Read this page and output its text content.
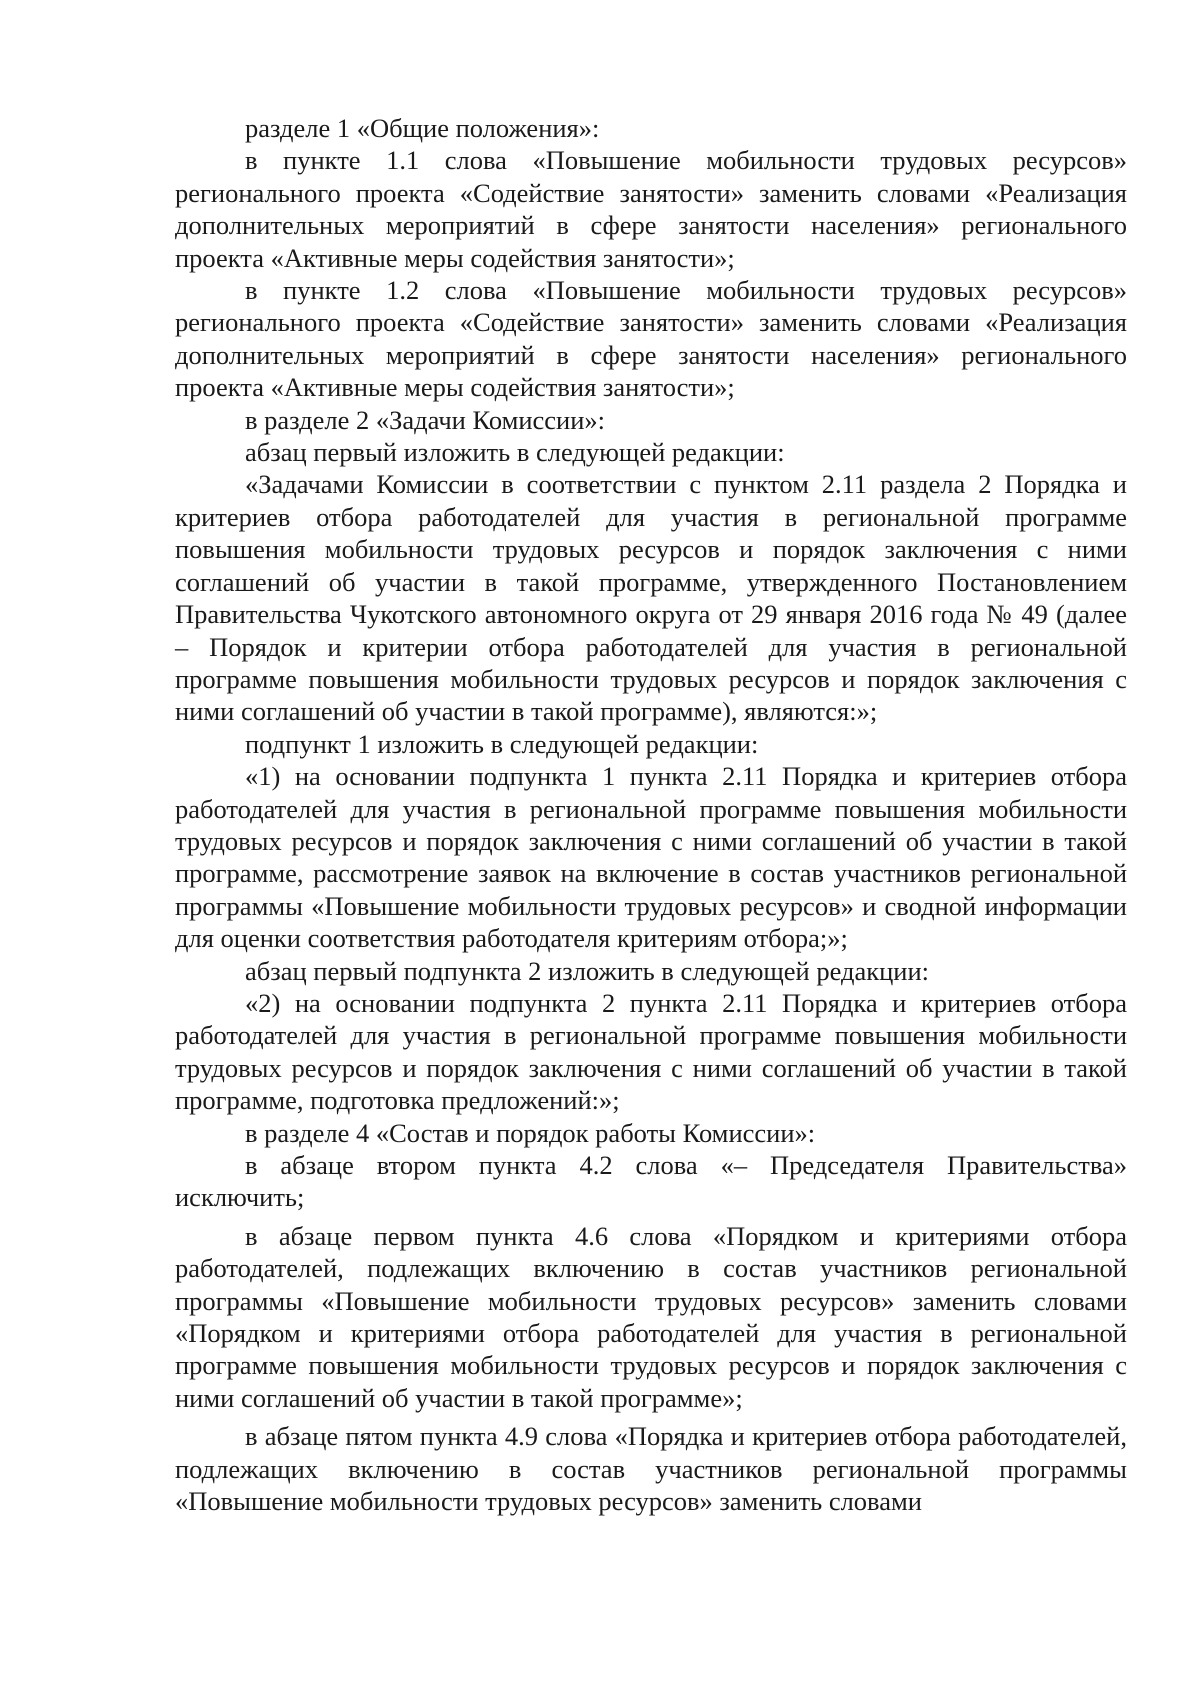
разделе 1 «Общие положения»:

в пункте 1.1 слова «Повышение мобильности трудовых ресурсов» регионального проекта «Содействие занятости» заменить словами «Реализация дополнительных мероприятий в сфере занятости населения» регионального проекта «Активные меры содействия занятости»;

в пункте 1.2 слова «Повышение мобильности трудовых ресурсов» регионального проекта «Содействие занятости» заменить словами «Реализация дополнительных мероприятий в сфере занятости населения» регионального проекта «Активные меры содействия занятости»;

в разделе 2 «Задачи Комиссии»:

абзац первый изложить в следующей редакции:

«Задачами Комиссии в соответствии с пунктом 2.11 раздела 2 Порядка и критериев отбора работодателей для участия в региональной программе повышения мобильности трудовых ресурсов и порядок заключения с ними соглашений об участии в такой программе, утвержденного Постановлением Правительства Чукотского автономного округа от 29 января 2016 года № 49 (далее – Порядок и критерии отбора работодателей для участия в региональной программе повышения мобильности трудовых ресурсов и порядок заключения с ними соглашений об участии в такой программе), являются:»;

подпункт 1 изложить в следующей редакции:

«1) на основании подпункта 1 пункта 2.11 Порядка и критериев отбора работодателей для участия в региональной программе повышения мобильности трудовых ресурсов и порядок заключения с ними соглашений об участии в такой программе, рассмотрение заявок на включение в состав участников региональной программы «Повышение мобильности трудовых ресурсов» и сводной информации для оценки соответствия работодателя критериям отбора;»;

абзац первый подпункта 2 изложить в следующей редакции:

«2) на основании подпункта 2 пункта 2.11 Порядка и критериев отбора работодателей для участия в региональной программе повышения мобильности трудовых ресурсов и порядок заключения с ними соглашений об участии в такой программе, подготовка предложений:»;

в разделе 4 «Состав и порядок работы Комиссии»:

в абзаце втором пункта 4.2 слова «– Председателя Правительства» исключить;

в абзаце первом пункта 4.6 слова «Порядком и критериями отбора работодателей, подлежащих включению в состав участников региональной программы «Повышение мобильности трудовых ресурсов» заменить словами «Порядком и критериями отбора работодателей для участия в региональной программе повышения мобильности трудовых ресурсов и порядок заключения с ними соглашений об участии в такой программе»;

в абзаце пятом пункта 4.9 слова «Порядка и критериев отбора работодателей, подлежащих включению в состав участников региональной программы «Повышение мобильности трудовых ресурсов» заменить словами
